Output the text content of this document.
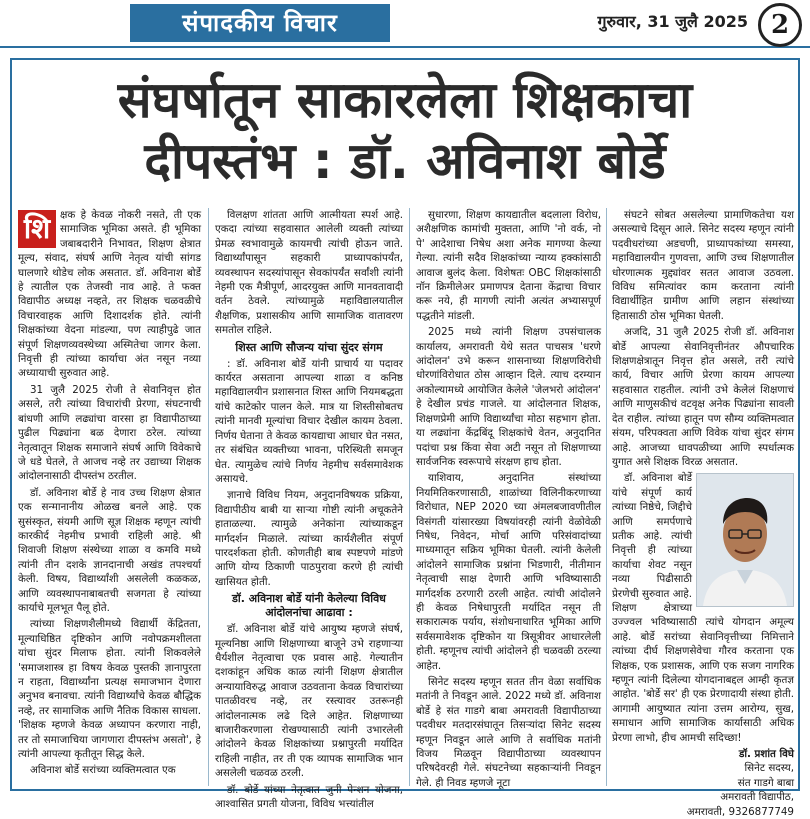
संपादकीय विचार	गुरुवार, 31 जुलै 2025 2
संघर्षातून साकारलेला शिक्षकाचा
दीपस्तंभ : डॉ. अविनाश बोर्डे

शि क्षक हे केवळ नोकरी नसते, ती एक सामाजिक भूमिका असते. ही भूमिका जबाबदारीने निभावत, शिक्षण क्षेत्रात मूल्य, संवाद, संघर्ष आणि नेतृत्व यांची सांगड घालणारे थोडेच लोक असतात. डॉ. अविनाश बोर्डे हे त्यातील एक तेजस्वी नाव आहे. ते फक्त विद्यापीठ अध्यक्ष नव्हते, तर शिक्षक चळवळीचे विचारवाहक आणि दिशादर्शक होते. त्यांनी शिक्षकांच्या वेदना मांडल्या, पण त्याहीपुढे जात संपूर्ण शिक्षणव्यवस्थेच्या अस्मितेचा जागर केला. निवृत्ती ही त्यांच्या कार्याचा अंत नसून नव्या अध्यायाची सुरुवात आहे.

31 जुलै 2025 रोजी ते सेवानिवृत्त होत असले, तरी त्यांच्या विचारांची प्रेरणा, संघटनाची बांधणी आणि लढ्यांचा वारसा हा विद्यापीठाच्या पुढील पिढ्यांना बळ देणारा ठरेल. त्यांच्या नेतृत्वातून शिक्षक समाजाने संघर्ष आणि विवेकाचे जे धडे घेतले, ते आजच नव्हे तर उद्याच्या शिक्षक आंदोलनासाठी दीपस्तंभ ठरतील.

डॉ. अविनाश बोर्डे हे नाव उच्च शिक्षण क्षेत्रात एक सन्मानानीय ओळख बनले आहे. एक सुसंस्कृत, संयमी आणि सूज्ञ शिक्षक म्हणून त्यांची कारकीर्द नेहमीच प्रभावी राहिली आहे. श्री शिवाजी शिक्षण संस्थेच्या शाळा व कमवि मध्ये त्यांनी तीन दशके ज्ञानदानाची अखंड तपश्चर्या केली. विषय, विद्यार्थ्यांशी असलेली कळकळ, आणि व्यवस्थापनाबाबतची सजगता हे त्यांच्या कार्याचे मूलभूत पैलू होते.

त्यांच्या शिक्षणशैलीमध्ये विद्यार्थी केंद्रितता, मूल्याधिष्ठित दृष्टिकोन आणि नवोपक्रमशीलता यांचा सुंदर मिलाफ होता. त्यांनी शिकवलेले 'समाजशास्त्र हा विषय केवळ पुस्तकी ज्ञानापुरता न राहता, विद्यार्थ्यांना प्रत्यक्ष समाजभान देणारा अनुभव बनावचा. त्यांनी विद्यार्थ्यांचे केवळ बौद्धिक नव्हे, तर सामाजिक आणि नैतिक विकास साधला. 'शिक्षक म्हणजे केवळ अध्यापन करणारा नाही, तर तो समाजाचिया जागणारा दीपस्तंभ असतो', हे त्यांनी आपल्या कृतीतून सिद्ध केले.

अविनाश बोर्डे सरांच्या व्यक्तिमत्वात एक

विलक्षण शांतता आणि आत्मीयता स्पर्श आहे. एकदा त्यांच्या सहवासात आलेली व्यक्ती त्यांच्या प्रेमळ स्वभावामुळे कायमची त्यांची होऊन जाते. विद्यार्थ्यांपासून सहकारी प्राध्यापकांपर्यंत, व्यवस्थापन सदस्यांपासून सेवकांपर्यंत सर्वांशी त्यांनी नेहमी एक मैत्रीपूर्ण, आदरयुक्त आणि मानवतावादी वर्तन ठेवले. त्यांच्यामुळे महाविद्यालयातील शैक्षणिक, प्रशासकीय आणि सामाजिक वातावरण समतोल राहिले.

शिस्त आणि सौजन्य यांचा सुंदर संगम

: डॉ. अविनाश बोर्डे यांनी प्राचार्य या पदावर कार्यरत असताना आपल्या शाळा व कनिष्ठ महाविद्यालयीन प्रशासनात शिस्त आणि नियमबद्धता यांचे काटेकोर पालन केले. मात्र या शिस्तीसोबतच त्यांनी मानवी मूल्यांचा विचार देखील कायम ठेवला. निर्णय घेताना ते केवळ कायद्याचा आधार घेत नसत, तर संबंधित व्यक्तीच्या भावना, परिस्थिती समजून घेत. त्यामुळेच त्यांचे निर्णय नेहमीच सर्वसमावेशक असायचे.

ज्ञानाचे विविध नियम, अनुदानविषयक प्रक्रिया, विद्यापीठीय बाबी या साऱ्या गोष्टी त्यांनी अचूकतेने हाताळल्या. त्यामुळे अनेकांना त्यांच्याकडून मार्गदर्शन मिळाले. त्यांच्या कार्यशैलीत संपूर्ण पारदर्शकता होती. कोणतीही बाब स्पष्टपणे मांडणे आणि योग्य ठिकाणी पाठपुरावा करणे ही त्यांची खासियत होती.

डॉ. अविनाश बोर्डे यांनी केलेल्या विविध आंदोलनांचा आढावा :

डॉ. अविनाश बोर्डे यांचे आयुष्य म्हणजे संघर्ष, मूल्यनिष्ठा आणि शिक्षणाच्या बाजूने उभे राहणाऱ्या धैर्यशील नेतृत्वाचा एक प्रवास आहे. गेल्यातीन दशकांहून अधिक काळ त्यांनी शिक्षण क्षेत्रातील अन्यायाविरुद्ध आवाज उठवताना केवळ विचारांच्या पातळीवरच नव्हे, तर रस्त्यावर उतरूनही आंदोलनात्मक लढे दिले आहेत. शिक्षणाच्या बाजारीकरणाला रोखण्यासाठी त्यांनी उभारलेली आंदोलने केवळ शिक्षकांच्या प्रश्नापुरती मर्यादित राहिली नाहीत, तर ती एक व्यापक सामाजिक भान असलेली चळवळ ठरली.

डॉ. बोर्डे यांच्या नेतृत्वात जुनी पेन्शन योजना, आश्वासित प्रगती योजना, विविध भत्त्यांतील

सुधारणा, शिक्षण कायद्यातील बदलाला विरोध, अशैक्षणिक कामांची मुक्तता, आणि 'नो वर्क, नो पे' आदेशाचा निषेध अशा अनेक मागण्या केल्या गेल्या. त्यांनी सदैव शिक्षकांच्या न्याय्य हक्कांसाठी आवाज बुलंद केला. विशेषतः OBC शिक्षकांसाठी नॉन क्रिमीलेअर प्रमाणपत्र देताना केंद्राचा विचार करू नये, ही मागणी त्यांनी अत्यंत अभ्यासपूर्ण पद्धतीने मांडली.

2025 मध्ये त्यांनी शिक्षण उपसंचालक कार्यालय, अमरावती येथे सतत पाचसत्र 'धरणे आंदोलन' उभे करून शासनाच्या शिक्षणविरोधी धोरणांविरोधात ठोस आव्हान दिले. त्याच दरम्यान अकोल्यामध्ये आयोजित केलेले 'जेलभरो आंदोलन' हे देखील प्रचंड गाजले. या आंदोलनात शिक्षक, शिक्षणप्रेमी आणि विद्यार्थ्यांचा मोठा सहभाग होता. या लढ्यांना केंद्रबिंदू शिक्षकांचे वेतन, अनुदानित पदांचा प्रश्न किंवा सेवा अटी नसून तो शिक्षणाच्या सार्वजनिक स्वरूपाचे संरक्षण हाच होता.

याशिवाय, अनुदानित संस्थांच्या नियमितिकरणासाठी, शाळांच्या विलिनीकरणाच्या विरोधात, NEP 2020 च्या अंमलबजावणीतील विसंगती यांसारख्या विषयांवरही त्यांनी वेळोवेळी निषेध, निवेदन, मोर्चा आणि परिसंवादांच्या माध्यमातून सक्रिय भूमिका घेतली. त्यांनी केलेली आंदोलने सामाजिक प्रश्नांना भिडणारी, नीतीमान नेतृत्वाची साक्ष देणारी आणि भविष्यासाठी मार्गदर्शक ठरणारी ठरली आहेत. त्यांची आंदोलने ही केवळ निषेधापुरती मर्यादित नसून ती सकारात्मक पर्याय, संशोधनाधारित भूमिका आणि सर्वसमावेशक दृष्टिकोन या त्रिसूत्रीवर आधारलेली होती. म्हणूनच त्यांची आंदोलने ही चळवळी ठरल्या आहेत.

सिनेट सदस्य म्हणून सतत तीन वेळा सर्वाधिक मतांनी ते निवडून आले. 2022 मध्ये डॉ. अविनाश बोर्डे हे संत गाडगे बाबा अमरावती विद्यापीठाच्या पदवीधर मतदारसंघातून तिसऱ्यांदा सिनेट सदस्य म्हणून निवडून आले आणि ते सर्वाधिक मतांनी विजय मिळवून विद्यापीठाच्या व्यवस्थापन परिषदेवरही गेले. संघटनेच्या सहकाऱ्यांनी निवडून गेले. ही निवड म्हणजे नूटा

संघटने सोबत असलेल्या प्रामाणिकतेचा यश असल्याचे दिसून आले. सिनेट सदस्य म्हणून त्यांनी पदवीधरांच्या अडचणी, प्राध्यापकांच्या समस्या, महाविद्यालयीन गुणवत्ता, आणि उच्च शिक्षणातील धोरणात्मक मुद्द्यांवर सतत आवाज उठवला. विविध समित्यांवर काम करताना त्यांनी विद्यार्थीहित ग्रामीण आणि लहान संस्थांच्या हितासाठी ठोस भूमिका घेतली.

अजदि, 31 जुलै 2025 रोजी डॉ. अविनाश बोर्डे आपल्या सेवानिवृत्तीनंतर औपचारिक शिक्षणक्षेत्रातून निवृत्त होत असले, तरी त्यांचे कार्य, विचार आणि प्रेरणा कायम आपल्या सहवासात राहतील. त्यांनी उभे केलेलं शिक्षणाचं आणि माणुसकीचं वटवृक्ष अनेक पिढ्यांना सावली देत राहील. त्यांच्या हातून पण सौम्य व्यक्तिमत्वात संयम, परिपक्वता आणि विवेक यांचा सुंदर संगम आहे. आजच्या धावपळीच्या आणि स्पर्धात्मक युगात असे शिक्षक विरळ असतात.

डॉ. अविनाश बोर्डे यांचे संपूर्ण कार्य त्यांच्या निष्ठेचे, जिद्दीचे आणि समर्पणाचे प्रतीक आहे. त्यांची निवृत्ती ही त्यांच्या कार्याचा शेवट नसून नव्या पिढीसाठी प्रेरणेची सुरुवात आहे. शिक्षण क्षेत्राच्या उज्ज्वल भविष्यासाठी त्यांचे योगदान अमूल्य आहे. बोर्डे सरांच्या सेवानिवृत्तीच्या निमित्ताने त्यांच्या दीर्घ शिक्षणसेवेचा गौरव करताना एक शिक्षक, एक प्रशासक, आणि एक सजग नागरिक म्हणून त्यांनी दिलेल्या योगदानाबद्दल आम्ही कृतज्ञ आहोत. 'बोर्डे सर' ही एक प्रेरणादायी संस्था होती. आगामी आयुष्यात त्यांना उत्तम आरोग्य, सुख, समाधान आणि सामाजिक कार्यासाठी अधिक प्रेरणा लाभो, हीच आमची सदिच्छा!

डॉ. प्रशांत विघे
सिनेट सदस्य,
संत गाडगे बाबा
अमरावती विद्यापीठ,
अमरावती, 9326877749
